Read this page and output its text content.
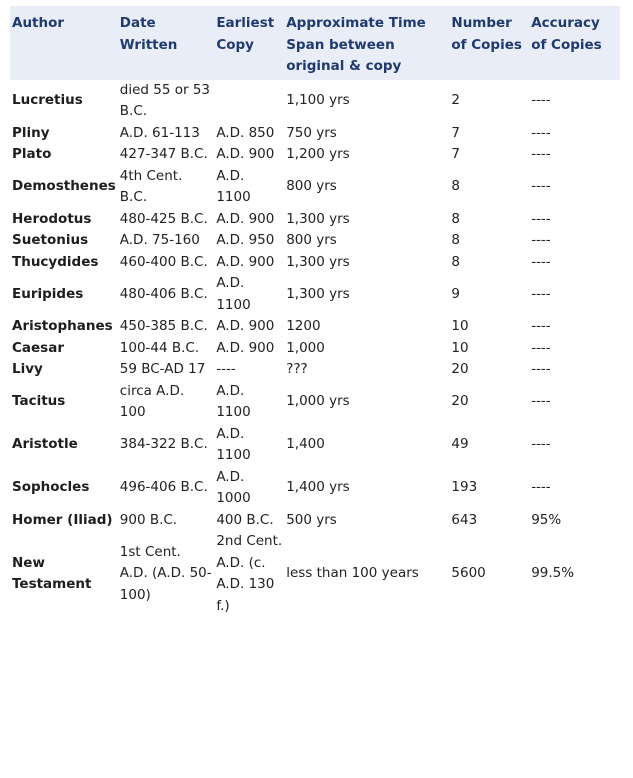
Author	Date Written	Earliest Copy	Approximate Time Span between original & copy	Number of Copies	Accuracy of Copies
Lucretius	died 55 or 53 B.C.		1,100 yrs	2	----
Pliny	A.D. 61-113	A.D. 850	750 yrs	7	----
Plato	427-347 B.C.	A.D. 900	1,200 yrs	7	----
Demosthenes	4th Cent. B.C.	A.D. 1100	800 yrs	8	----
Herodotus	480-425 B.C.	A.D. 900	1,300 yrs	8	----
Suetonius	A.D. 75-160	A.D. 950	800 yrs	8	----
Thucydides	460-400 B.C.	A.D. 900	1,300 yrs	8	----
Euripides	480-406 B.C.	A.D. 1100	1,300 yrs	9	----
Aristophanes	450-385 B.C.	A.D. 900	1200	10	----
Caesar	100-44 B.C.	A.D. 900	1,000	10	----
Livy	59 BC-AD 17	----	???	20	----
Tacitus	circa A.D. 100	A.D. 1100	1,000 yrs	20	----
Aristotle	384-322 B.C.	A.D. 1100	1,400	49	----
Sophocles	496-406 B.C.	A.D. 1000	1,400 yrs	193	----
Homer (Iliad)	900 B.C.	400 B.C.	500 yrs	643	95%
New Testament	1st Cent. A.D. (A.D. 50-100)	2nd Cent. A.D. (c. A.D. 130 f.)	less than 100 years	5600	99.5%
